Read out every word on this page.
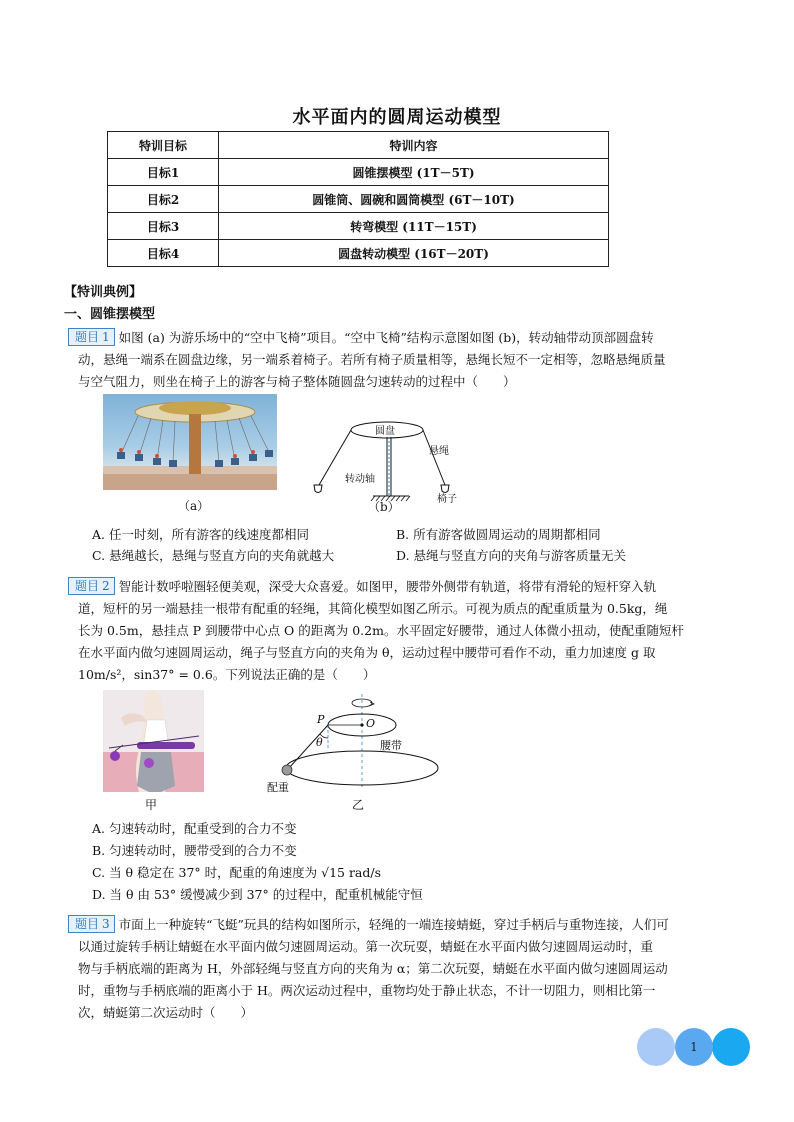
水平面内的圆周运动模型
特训目标	特训内容
目标1	圆锥摆模型 (1T－5T)
目标2	圆锥筒、圆碗和圆筒模型 (6T－10T)
目标3	转弯模型 (11T－15T)
目标4	圆盘转动模型 (16T－20T)
【特训典例】
一、圆锥摆模型
题目 1 如图 (a) 为游乐场中的“空中飞椅”项目。“空中飞椅”结构示意图如图 (b)，转动轴带动顶部圆盘转
动，悬绳一端系在圆盘边缘，另一端系着椅子。若所有椅子质量相等，悬绳长短不一定相等，忽略悬绳质量
与空气阻力，则坐在椅子上的游客与椅子整体随圆盘匀速转动的过程中（　　）
（a）
圆盘
悬绳
转动轴
椅子
（b）
A. 任一时刻，所有游客的线速度都相同	B. 所有游客做圆周运动的周期都相同
C. 悬绳越长，悬绳与竖直方向的夹角就越大	D. 悬绳与竖直方向的夹角与游客质量无关
题目 2 智能计数呼啦圈轻便美观，深受大众喜爱。如图甲，腰带外侧带有轨道，将带有滑轮的短杆穿入轨
道，短杆的另一端悬挂一根带有配重的轻绳，其简化模型如图乙所示。可视为质点的配重质量为 0.5kg，绳
长为 0.5m，悬挂点 P 到腰带中心点 O 的距离为 0.2m。水平固定好腰带，通过人体微小扭动，使配重随短杆
在水平面内做匀速圆周运动，绳子与竖直方向的夹角为 θ，运动过程中腰带可看作不动，重力加速度 g 取
10m/s²，sin37° = 0.6。下列说法正确的是（　　）
甲
P	O
θ	腰带
配重
乙
A. 匀速转动时，配重受到的合力不变
B. 匀速转动时，腰带受到的合力不变
C. 当 θ 稳定在 37° 时，配重的角速度为 √15 rad/s
D. 当 θ 由 53° 缓慢减少到 37° 的过程中，配重机械能守恒
题目 3 市面上一种旋转“飞蜓”玩具的结构如图所示，轻绳的一端连接蜻蜓，穿过手柄后与重物连接，人们可
以通过旋转手柄让蜻蜓在水平面内做匀速圆周运动。第一次玩耍，蜻蜓在水平面内做匀速圆周运动时，重
物与手柄底端的距离为 H，外部轻绳与竖直方向的夹角为 α；第二次玩耍，蜻蜓在水平面内做匀速圆周运动
时，重物与手柄底端的距离小于 H。两次运动过程中，重物均处于静止状态，不计一切阻力，则相比第一
次，蜻蜓第二次运动时（　　）
1
